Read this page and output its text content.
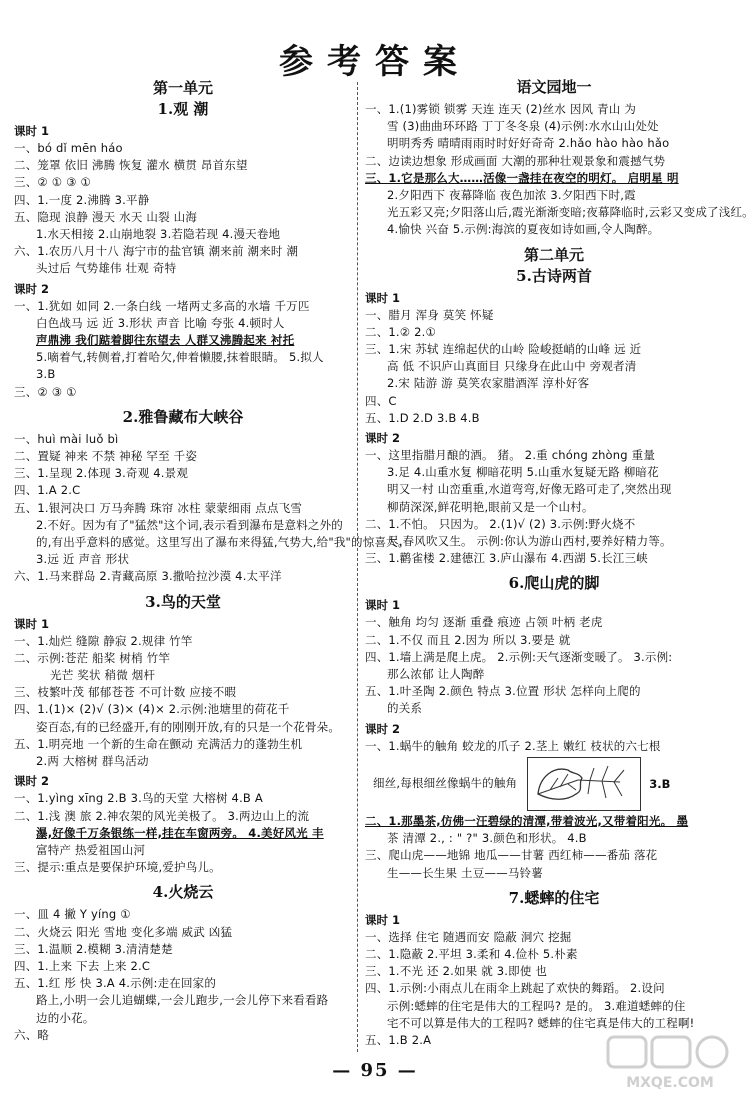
参考答案
第一单元
1.观 潮
课时 1
一、bó dǐ mēn háo
二、笼罩 依旧 沸腾 恢复 灌水 横贯 昂首东望
三、② ① ③ ①
四、1.一度 2.沸腾 3.平静
五、隐现 浪静 漫天 水天 山裂 山海
1.水天相接 2.山崩地裂 3.若隐若现 4.漫天卷地
六、1.农历八月十八 海宁市的盐官镇 潮来前 潮来时 潮
头过后 气势雄伟 壮观 奇特
课时 2
一、1.犹如 如同 2.一条白线 一堵两丈多高的水墙 千万匹
白色战马 远 近 3.形状 声音 比喻 夸张 4.顿时人
声鼎沸 我们踮着脚往东望去 人群又沸腾起来 衬托
5.嘀着气,转侧着,打着哈欠,伸着懒腰,抹着眼睛。 5.拟人
3.B
三、② ③ ①
2.雅鲁藏布大峡谷
一、huì mài luǒ bì
二、置疑 神来 不禁 神秘 罕至 千姿
三、1.呈现 2.体现 3.奇观 4.景观
四、1.A 2.C
五、1.银河决口 万马奔腾 珠帘 冰柱 蒙蒙细雨 点点飞雪
2.不好。因为有了"猛然"这个词,表示看到瀑布是意料之外的
的,有出乎意料的感觉。这里写出了瀑布来得猛,气势大,给"我"的惊喜大。
3.远 近 声音 形状
六、1.马来群岛 2.青藏高原 3.撒哈拉沙漠 4.太平洋
3.鸟的天堂
课时 1
一、1.灿烂 缝隙 静寂 2.规律 竹竿
二、示例:苍茫 船桨 树梢 竹竿
光芒 奖状 稍微 烟杆
三、枝繁叶茂 郁郁苍苍 不可计数 应接不暇
四、1.(1)× (2)√ (3)× (4)× 2.示例:池塘里的荷花千
姿百态,有的已经盛开,有的刚刚开放,有的只是一个花骨朵。
五、1.明亮地 一个新的生命在颤动 充满活力的蓬勃生机
2.两 大榕树 群鸟活动
课时 2
一、1.yìng xīng 2.B 3.鸟的天堂 大榕树 4.B A
二、1.浅 澳 旅 2.神农架的风光美极了。 3.两边山上的流
瀑,好像千万条银练一样,挂在车窗两旁。 4.美好风光 丰
富特产 热爱祖国山河
三、提示:重点是要保护环境,爱护鸟儿。
4.火烧云
一、皿 4 撇 Y yíng ①
二、火烧云 阳光 雪地 变化多端 威武 凶猛
三、1.温顺 2.模糊 3.清清楚楚
四、1.上来 下去 上来 2.C
五、1.红 彤 快 3.A 4.示例:走在回家的
路上,小明一会儿追蝴蝶,一会儿跑步,一会儿停下来看看路
边的小花。
六、略
语文园地一
一、1.(1)雾锁 锁雾 天连 连天 (2)丝水 因风 青山 为
雪 (3)曲曲环环路 丁丁冬冬泉 (4)示例:水水山山处处
明明秀秀 晴晴雨雨时时好好奇奇 2.hǎo hào hào hǎo
二、边读边想象 形成画面 大潮的那种壮观景象和震撼气势
三、1.它是那么大……活像一盏挂在夜空的明灯。 启明星 明
2.夕阳西下 夜幕降临 夜色加浓 3.夕阳西下时,霞
光五彩又亮;夕阳落山后,霞光渐渐变暗;夜幕降临时,云彩又变成了浅红。
4.愉快 兴奋 5.示例:海滨的夏夜如诗如画,令人陶醉。
第二单元
5.古诗两首
课时 1
一、腊月 浑身 莫笑 怀疑
二、1.② 2.①
三、1.宋 苏轼 连绵起伏的山岭 险峻挺峭的山峰 远 近
高 低 不识庐山真面目 只缘身在此山中 旁观者清
2.宋 陆游 游 莫笑农家腊酒浑 淳朴好客
四、C
五、1.D 2.D 3.B 4.B
课时 2
一、这里指腊月酿的酒。 猪。 2.重 chóng zhòng 重量
3.足 4.山重水复 柳暗花明 5.山重水复疑无路 柳暗花
明又一村 山峦重重,水道弯弯,好像无路可走了,突然出现
柳荫深深,鲜花明艳,眼前又是一个山村。
二、1.不怕。 只因为。 2.(1)√ (2) 3.示例:野火烧不
尽,春风吹又生。 示例:你认为游山西村,要养好精力等。
三、1.鹳雀楼 2.建德江 3.庐山瀑布 4.西湖 5.长江三峡
6.爬山虎的脚
课时 1
一、触角 均匀 逐渐 重叠 痕迹 占领 叶柄 老虎
二、1.不仅 而且 2.因为 所以 3.要是 就
四、1.墙上满是爬上虎。 2.示例:天气逐渐变暖了。 3.示例:
那么浓郁 让人陶醉
五、1.叶圣陶 2.颜色 特点 3.位置 形状 怎样向上爬的
的关系
课时 2
一、1.蜗牛的触角 蛟龙的爪子 2.茎上 嫩红 枝状的六七根
细丝,每根细丝像蜗牛的触角	3.B
二、1.那墨茶,仿佛一汪碧绿的清潭,带着波光,又带着阳光。 墨
茶 清潭 2., : " ?" 3.颜色和形状。 4.B
三、爬山虎——地锦 地瓜——甘薯 西红柿——番茄 落花
生——长生果 土豆——马铃薯
7.蟋蟀的住宅
课时 1
一、选择 住宅 随遇而安 隐蔽 洞穴 挖掘
二、1.隐蔽 2.平坦 3.柔和 4.俭朴 5.朴素
三、1.不光 还 2.如果 就 3.即使 也
四、1.示例:小雨点儿在雨伞上跳起了欢快的舞蹈。 2.设问
示例:蟋蟀的住宅是伟大的工程吗? 是的。 3.难道蟋蟀的住
宅不可以算是伟大的工程吗? 蟋蟀的住宅真是伟大的工程啊!
五、1.B 2.A
— 95 —
MXQE.COM
